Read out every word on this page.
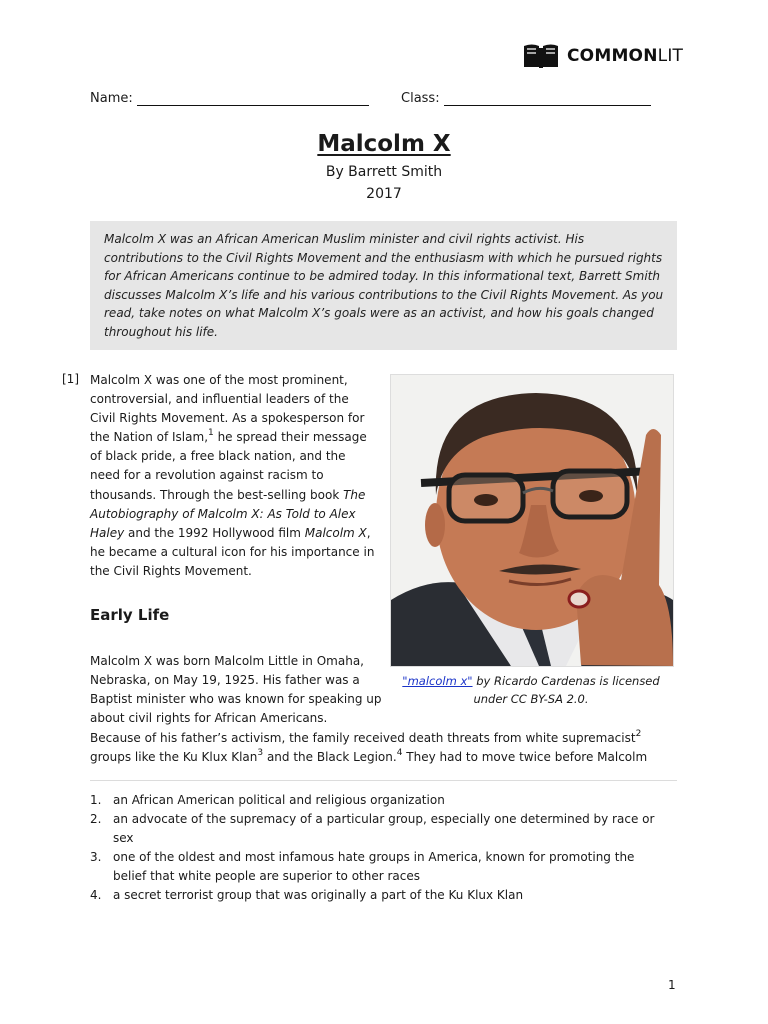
COMMONLIT
Name:	Class:
Malcolm X
By Barrett Smith
2017
Malcolm X was an African American Muslim minister and civil rights activist. His contributions to the Civil Rights Movement and the enthusiasm with which he pursued rights for African Americans continue to be admired today. In this informational text, Barrett Smith discusses Malcolm X’s life and his various contributions to the Civil Rights Movement. As you read, take notes on what Malcolm X’s goals were as an activist, and how his goals changed throughout his life.
[1] Malcolm X was one of the most prominent, controversial, and influential leaders of the Civil Rights Movement. As a spokesperson for the Nation of Islam,$^1$ he spread their message of black pride, a free black nation, and the need for a revolution against racism to thousands. Through the best-selling book The Autobiography of Malcolm X: As Told to Alex Haley and the 1992 Hollywood film Malcolm X, he became a cultural icon for his importance in the Civil Rights Movement.
"malcolm x" by Ricardo Cardenas is licensed under CC BY-SA 2.0.
Early Life
Malcolm X was born Malcolm Little in Omaha, Nebraska, on May 19, 1925. His father was a Baptist minister who was known for speaking up about civil rights for African Americans.
Because of his father’s activism, the family received death threats from white supremacist$^2$ groups like the Ku Klux Klan$^3$ and the Black Legion.$^4$ They had to move twice before Malcolm
1. an African American political and religious organization
2. an advocate of the supremacy of a particular group, especially one determined by race or sex
3. one of the oldest and most infamous hate groups in America, known for promoting the belief that white people are superior to other races
4. a secret terrorist group that was originally a part of the Ku Klux Klan
1
